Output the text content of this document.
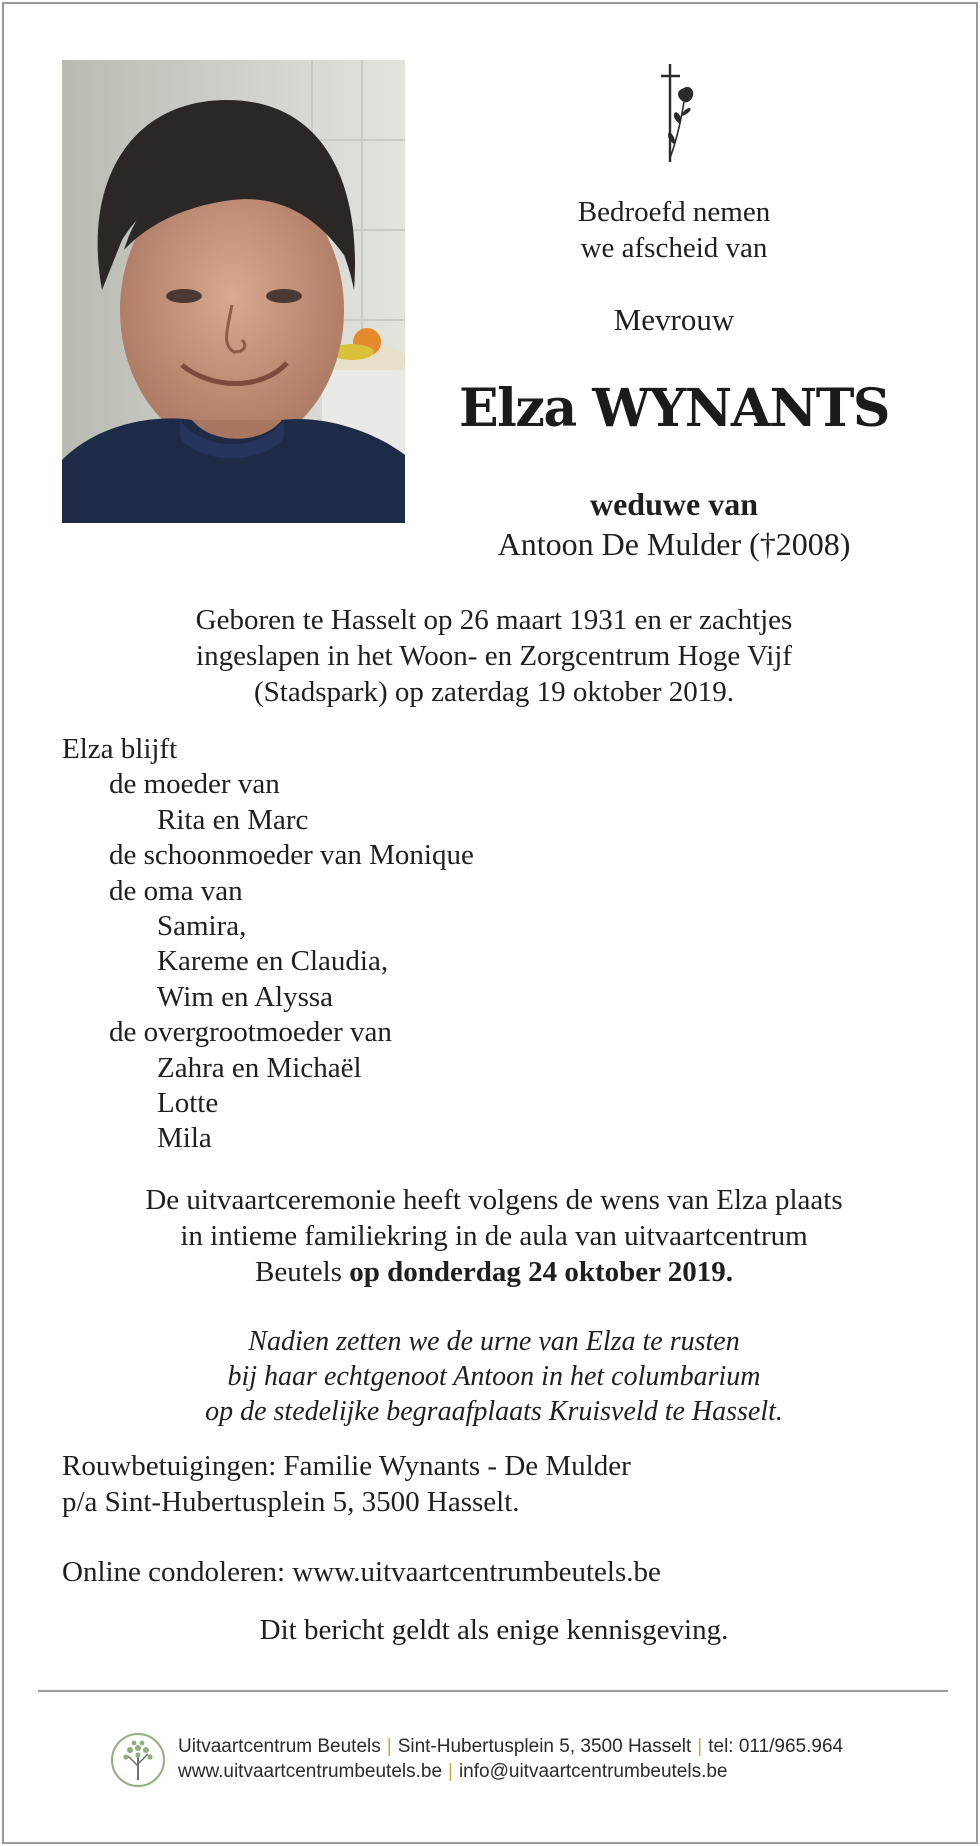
Bedroefd nemen
we afscheid van
Mevrouw
Elza WYNANTS
weduwe van
Antoon De Mulder (†2008)
Geboren te Hasselt op 26 maart 1931 en er zachtjes
ingeslapen in het Woon- en Zorgcentrum Hoge Vijf
(Stadspark) op zaterdag 19 oktober 2019.
Elza blijft
de moeder van
Rita en Marc
de schoonmoeder van Monique
de oma van
Samira,
Kareme en Claudia,
Wim en Alyssa
de overgrootmoeder van
Zahra en Michaël
Lotte
Mila
De uitvaartceremonie heeft volgens de wens van Elza plaats
in intieme familiekring in de aula van uitvaartcentrum
Beutels op donderdag 24 oktober 2019.
Nadien zetten we de urne van Elza te rusten
bij haar echtgenoot Antoon in het columbarium
op de stedelijke begraafplaats Kruisveld te Hasselt.
Rouwbetuigingen: Familie Wynants - De Mulder
p/a Sint-Hubertusplein 5, 3500 Hasselt.
Online condoleren: www.uitvaartcentrumbeutels.be
Dit bericht geldt als enige kennisgeving.
Uitvaartcentrum Beutels | Sint-Hubertusplein 5, 3500 Hasselt | tel: 011/965.964
www.uitvaartcentrumbeutels.be | info@uitvaartcentrumbeutels.be
